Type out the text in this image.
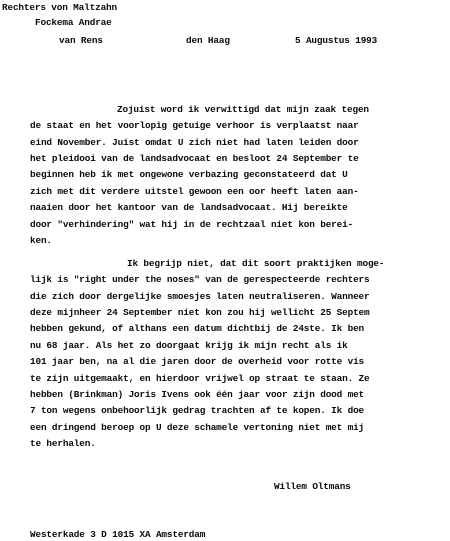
Rechters von Maltzahn
Fockema Andrae
van Rens	den Haag	5 Augustus 1993
Zojuist word ik verwittigd dat mijn zaak tegen
de staat en het voorlopig getuige verhoor is verplaatst naar
eind November. Juist omdat U zich niet had laten leiden door
het pleidooi van de landsadvocaat en besloot 24 September te
beginnen heb ik met ongewone verbazing geconstateerd dat U
zich met dit verdere uitstel gewoon een oor heeft laten aan-
naaien door het kantoor van de landsadvocaat. Hij bereikte
door "verhindering" wat hij in de rechtzaal niet kon berei-
ken.
Ik begrijp niet, dat dit soort praktijken moge-
lijk is "right under the noses" van de gerespecteerde rechters
die zich door dergelijke smoesjes laten neutraliseren. Wanneer
deze mijnheer 24 September niet kon zou hij wellicht 25 Septem
hebben gekund, of althans een datum dichtbij de 24ste. Ik ben
nu 68 jaar. Als het zo doorgaat krijg ik mijn recht als ik
101 jaar ben, na al die jaren door de overheid voor rotte vis
te zijn uitgemaakt, en hierdoor vrijwel op straat te staan. Ze
hebben (Brinkman) Joris Ivens ook één jaar voor zijn dood met
7 ton wegens onbehoorlijk gedrag trachten af te kopen. Ik doe
een dringend beroep op U deze schamele vertoning niet met mij
te herhalen.
Willem Oltmans
Westerkade 3 D 1015 XA Amsterdam
